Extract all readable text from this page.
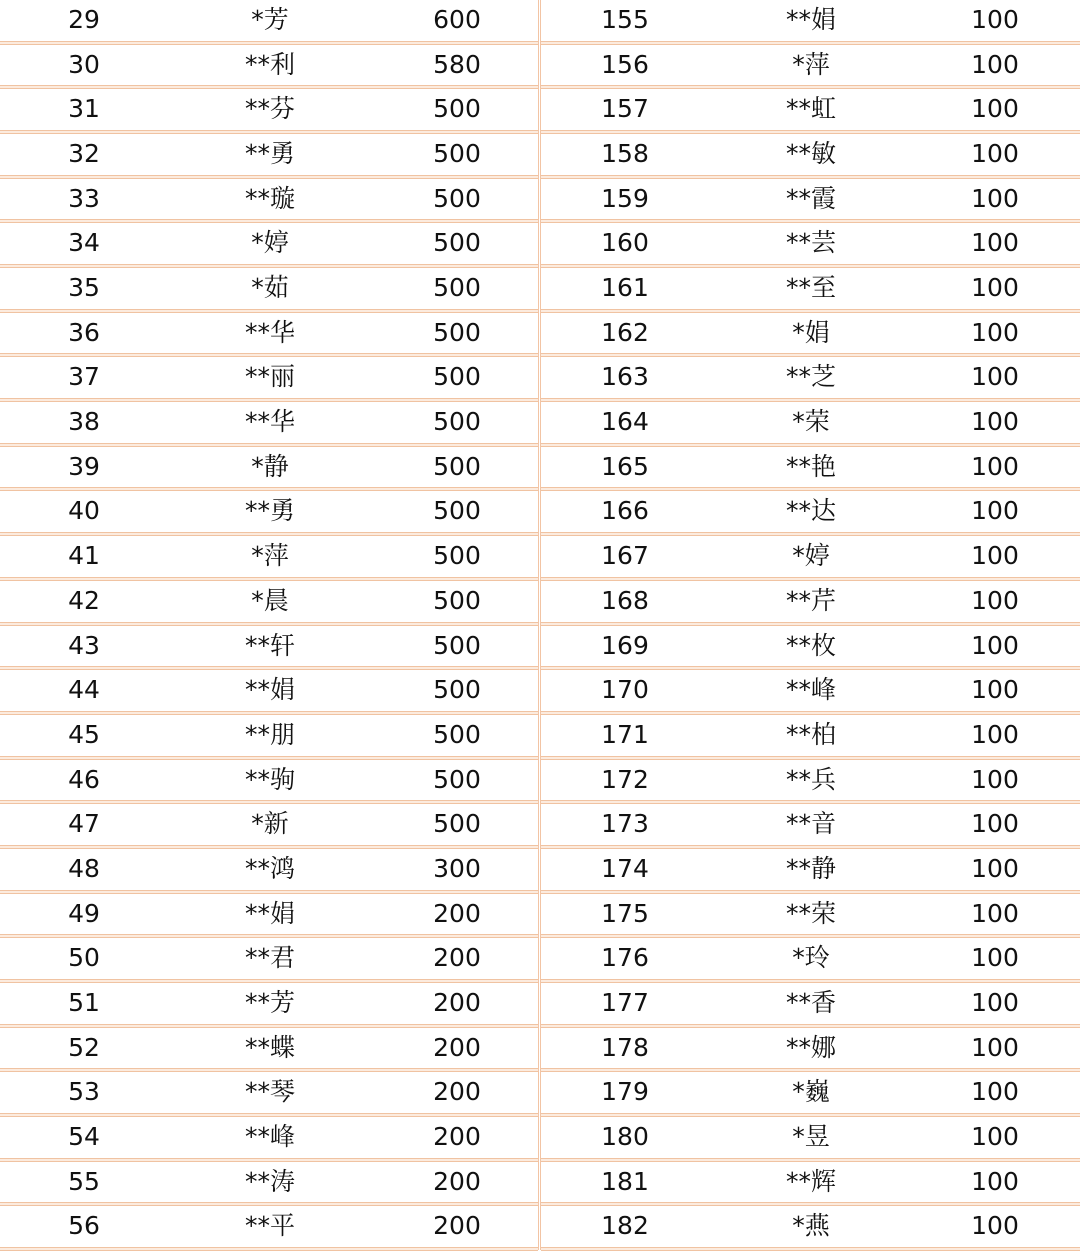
29	*芳	600
30	**利	580
31	**芬	500
32	**勇	500
33	**璇	500
34	*婷	500
35	*茹	500
36	**华	500
37	**丽	500
38	**华	500
39	*静	500
40	**勇	500
41	*萍	500
42	*晨	500
43	**轩	500
44	**娟	500
45	**朋	500
46	**驹	500
47	*新	500
48	**鸿	300
49	**娟	200
50	**君	200
51	**芳	200
52	**蝶	200
53	**琴	200
54	**峰	200
55	**涛	200
56	**平	200
155	**娟	100
156	*萍	100
157	**虹	100
158	**敏	100
159	**霞	100
160	**芸	100
161	**至	100
162	*娟	100
163	**芝	100
164	*荣	100
165	**艳	100
166	**达	100
167	*婷	100
168	**芹	100
169	**枚	100
170	**峰	100
171	**柏	100
172	**兵	100
173	**音	100
174	**静	100
175	**荣	100
176	*玲	100
177	**香	100
178	**娜	100
179	*巍	100
180	*昱	100
181	**辉	100
182	*燕	100
